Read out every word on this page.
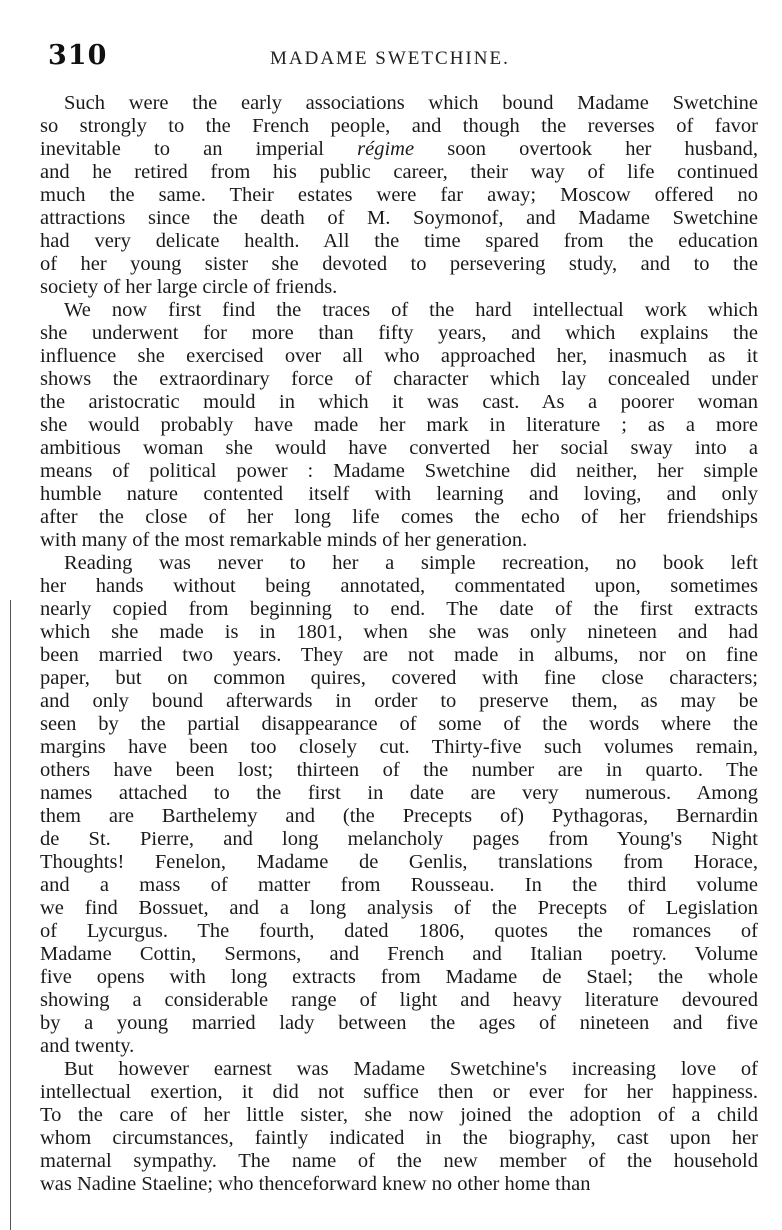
310	MADAME SWETCHINE.
Such were the early associations which bound Madame Swetchine
so strongly to the French people, and though the reverses of favor
inevitable to an imperial régime soon overtook her husband,
and he retired from his public career, their way of life continued
much the same. Their estates were far away; Moscow offered no
attractions since the death of M. Soymonof, and Madame Swetchine
had very delicate health. All the time spared from the education
of her young sister she devoted to persevering study, and to the
society of her large circle of friends.
We now first find the traces of the hard intellectual work which
she underwent for more than fifty years, and which explains the
influence she exercised over all who approached her, inasmuch as it
shows the extraordinary force of character which lay concealed under
the aristocratic mould in which it was cast. As a poorer woman
she would probably have made her mark in literature ; as a more
ambitious woman she would have converted her social sway into a
means of political power : Madame Swetchine did neither, her simple
humble nature contented itself with learning and loving, and only
after the close of her long life comes the echo of her friendships
with many of the most remarkable minds of her generation.
Reading was never to her a simple recreation, no book left
her hands without being annotated, commentated upon, sometimes
nearly copied from beginning to end. The date of the first extracts
which she made is in 1801, when she was only nineteen and had
been married two years. They are not made in albums, nor on fine
paper, but on common quires, covered with fine close characters;
and only bound afterwards in order to preserve them, as may be
seen by the partial disappearance of some of the words where the
margins have been too closely cut. Thirty-five such volumes remain,
others have been lost; thirteen of the number are in quarto. The
names attached to the first in date are very numerous. Among
them are Barthelemy and (the Precepts of) Pythagoras, Bernardin
de St. Pierre, and long melancholy pages from Young's Night
Thoughts! Fenelon, Madame de Genlis, translations from Horace,
and a mass of matter from Rousseau. In the third volume
we find Bossuet, and a long analysis of the Precepts of Legislation
of Lycurgus. The fourth, dated 1806, quotes the romances of
Madame Cottin, Sermons, and French and Italian poetry. Volume
five opens with long extracts from Madame de Stael; the whole
showing a considerable range of light and heavy literature devoured
by a young married lady between the ages of nineteen and five
and twenty.
But however earnest was Madame Swetchine's increasing love of
intellectual exertion, it did not suffice then or ever for her happiness.
To the care of her little sister, she now joined the adoption of a child
whom circumstances, faintly indicated in the biography, cast upon her
maternal sympathy. The name of the new member of the household
was Nadine Staeline; who thenceforward knew no other home than
